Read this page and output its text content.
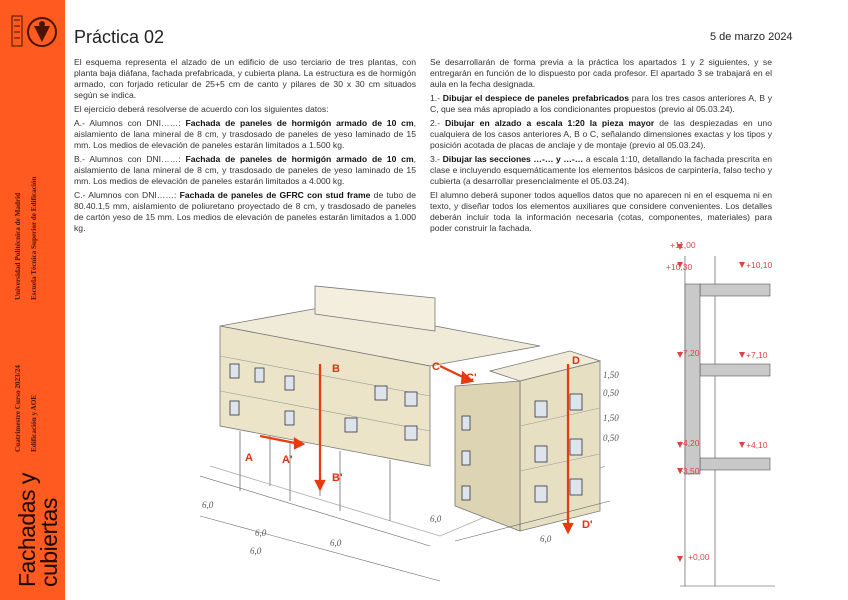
Universidad Politécnica de Madrid Escuela Técnica Superior de Edificación
Cuatrimestre Curso 2023/24 Edificación y AOE
Fachadas y
cubiertas
Práctica 02	5 de marzo 2024

El esquema representa el alzado de un edificio de uso terciario de tres plantas, con planta baja diáfana, fachada prefabricada, y cubierta plana. La estructura es de hormigón armado, con forjado reticular de 25+5 cm de canto y pilares de 30 x 30 cm situados según se indica.

El ejercicio deberá resolverse de acuerdo con los siguientes datos:

A.- Alumnos con DNI……: Fachada de paneles de hormigón armado de 10 cm, aislamiento de lana mineral de 8 cm, y trasdosado de paneles de yeso laminado de 15 mm. Los medios de elevación de paneles estarán limitados a 1.500 kg.

B.- Alumnos con DNI……: Fachada de paneles de hormigón armado de 10 cm, aislamiento de lana mineral de 8 cm, y trasdosado de paneles de yeso laminado de 15 mm. Los medios de elevación de paneles estarán limitados a 4.000 kg.

C.- Alumnos con DNI……: Fachada de paneles de GFRC con stud frame de tubo de 80.40.1,5 mm, aislamiento de poliuretano proyectado de 8 cm, y trasdosado de paneles de cartón yeso de 15 mm. Los medios de elevación de paneles estarán limitados a 1.000 kg.

Se desarrollarán de forma previa a la práctica los apartados 1 y 2 siguientes, y se entregarán en función de lo dispuesto por cada profesor. El apartado 3 se trabajará en el aula en la fecha designada.

1.- Dibujar el despiece de paneles prefabricados para los tres casos anteriores A, B y C, que sea más apropiado a los condicionantes propuestos (previo al 05.03.24).

2.- Dibujar en alzado a escala 1:20 la pieza mayor de las despiezadas en uno cualquiera de los casos anteriores A, B o C, señalando dimensiones exactas y los tipos y posición acotada de placas de anclaje y de montaje (previo al 05.03.24).

3.- Dibujar las secciones …-… y …-… a escala 1:10, detallando la fachada prescrita en clase e incluyendo esquemáticamente los elementos básicos de carpintería, falso techo y cubierta (a desarrollar presencialmente el 05.03.24).

El alumno deberá suponer todos aquellos datos que no aparecen ni en el esquema ni en texto, y diseñar todos los elementos auxiliares que considere convenientes. Los detalles deberán incluir toda la información necesaria (cotas, componentes, materiales) para poder construir la fachada.

A	A'
B
B'
C
C'
D
D'
6,0
6,0
6,0
6,0
6,0
6,0
1,50
0,50
1,50
0,50
+11,00
+10,30
+7,20
+4,20
+3,50
+0,00
+10,10
+7,10
+4,10
